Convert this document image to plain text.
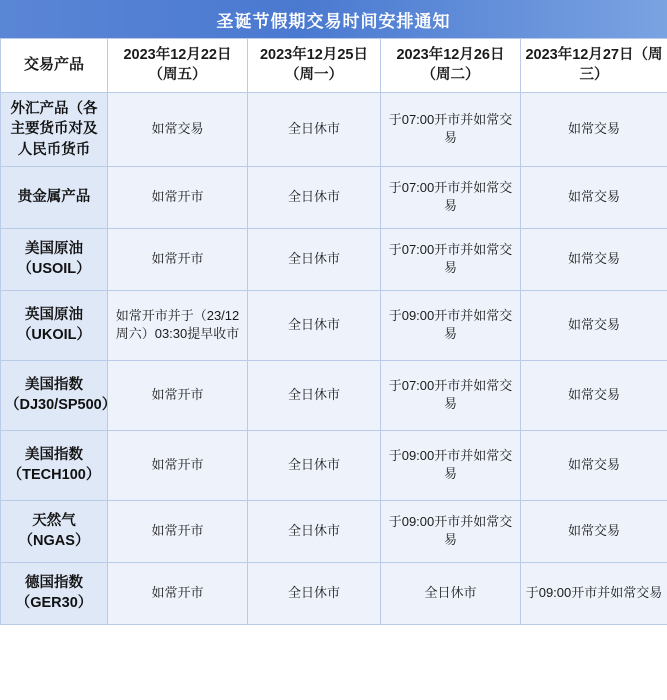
圣诞节假期交易时间安排通知
交易产品	2023年12月22日（周五）	2023年12月25日（周一）	2023年12月26日（周二）	2023年12月27日（周三）
外汇产品（各主要货币对及人民币货币	如常交易	全日休市	于07:00开市并如常交易	如常交易
贵金属产品	如常开市	全日休市	于07:00开市并如常交易	如常交易
美国原油（USOIL）	如常开市	全日休市	于07:00开市并如常交易	如常交易
英国原油（UKOIL）	如常开市并于（23/12周六）03:30提早收市	全日休市	于09:00开市并如常交易	如常交易
美国指数（DJ30/SP500）	如常开市	全日休市	于07:00开市并如常交易	如常交易
美国指数（TECH100）	如常开市	全日休市	于09:00开市并如常交易	如常交易
天然气（NGAS）	如常开市	全日休市	于09:00开市并如常交易	如常交易
德国指数（GER30）	如常开市	全日休市	全日休市	于09:00开市并如常交易
